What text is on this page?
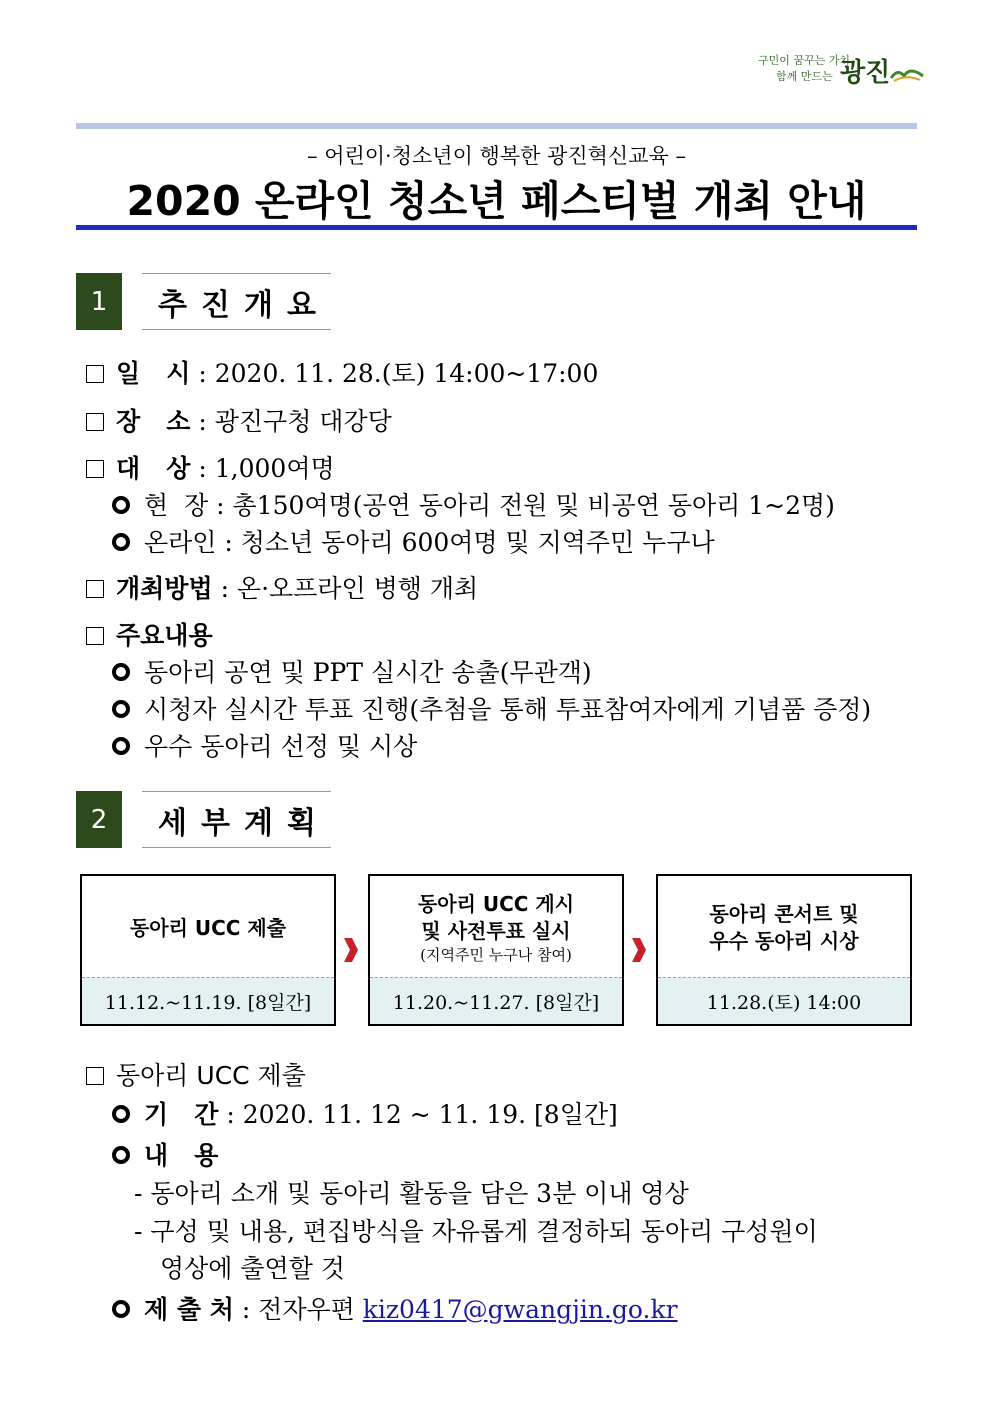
구민이 꿈꾸는 가치
함께 만드는 광진
– 어린이·청소년이 행복한 광진혁신교육 –
2020 온라인 청소년 페스티벌 개최 안내
1	추진개요
일   시 : 2020. 11. 28.(토) 14:00~17:00
장   소 : 광진구청 대강당
대   상 : 1,000여명
현  장 : 총150여명(공연 동아리 전원 및 비공연 동아리 1~2명)
온라인 : 청소년 동아리 600여명 및 지역주민 누구나
개최방법 : 온·오프라인 병행 개최
주요내용
동아리 공연 및 PPT 실시간 송출(무관객)
시청자 실시간 투표 진행(추첨을 통해 투표참여자에게 기념품 증정)
우수 동아리 선정 및 시상
2	세부계획
동아리 UCC 제출
11.12.~11.19. [8일간]
동아리 UCC 게시
및 사전투표 실시
(지역주민 누구나 참여)
11.20.~11.27. [8일간]
동아리 콘서트 및
우수 동아리 시상
11.28.(토) 14:00
동아리 UCC 제출
기   간 : 2020. 11. 12 ~ 11. 19. [8일간]
내   용
- 동아리 소개 및 동아리 활동을 담은 3분 이내 영상
- 구성 및 내용, 편집방식을 자유롭게 결정하되 동아리 구성원이
영상에 출연할 것
제 출 처 : 전자우편 kiz0417@gwangjin.go.kr
